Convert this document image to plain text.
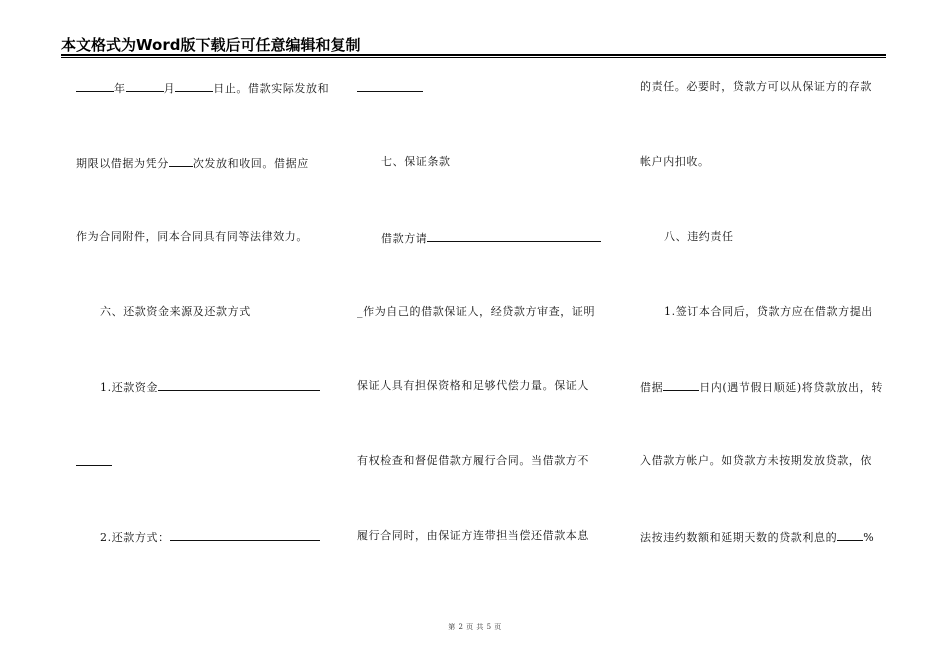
本文格式为Word版下载后可任意编辑和复制
年	月	日止。借款实际发放和
期限以借据为凭分 次发放和收回。借据应
作为合同附件，同本合同具有同等法律效力。
六、还款资金来源及还款方式
1.还款资金
2.还款方式：
七、保证条款
借款方请
_作为自己的借款保证人，经贷款方审查，证明
保证人具有担保资格和足够代偿力量。保证人
有权检查和督促借款方履行合同。当借款方不
履行合同时，由保证方连带担当偿还借款本息
的责任。必要时，贷款方可以从保证方的存款
帐户内扣收。
八、违约责任
1.签订本合同后，贷款方应在借款方提出
借据	日内(遇节假日顺延)将贷款放出，转
入借款方帐户。如贷款方未按期发放贷款，依
法按违约数额和延期天数的贷款利息的 %
第 2 页 共 5 页
